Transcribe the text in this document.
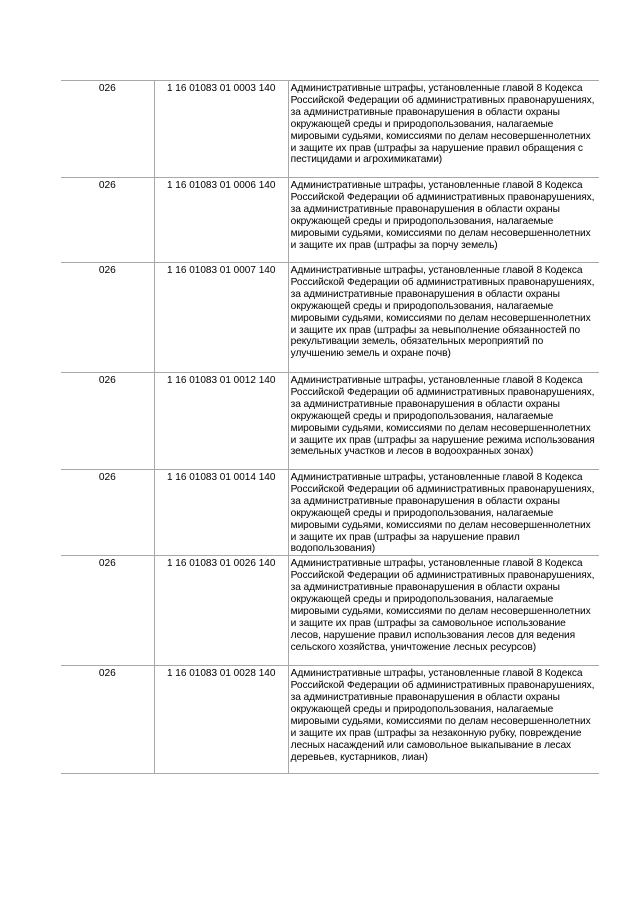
026	1 16 01083 01 0003 140	Административные штрафы, установленные главой 8 Кодекса Российской Федерации об административных правонарушениях, за административные правонарушения в области охраны окружающей среды и природопользования, налагаемые мировыми судьями, комиссиями по делам несовершеннолетних и защите их прав (штрафы за нарушение правил обращения с пестицидами и агрохимикатами)
026	1 16 01083 01 0006 140	Административные штрафы, установленные главой 8 Кодекса Российской Федерации об административных правонарушениях, за административные правонарушения в области охраны окружающей среды и природопользования, налагаемые мировыми судьями, комиссиями по делам несовершеннолетних и защите их прав (штрафы за порчу земель)
026	1 16 01083 01 0007 140	Административные штрафы, установленные главой 8 Кодекса Российской Федерации об административных правонарушениях, за административные правонарушения в области охраны окружающей среды и природопользования, налагаемые мировыми судьями, комиссиями по делам несовершеннолетних и защите их прав (штрафы за невыполнение обязанностей по рекультивации земель, обязательных мероприятий по улучшению земель и охране почв)
026	1 16 01083 01 0012 140	Административные штрафы, установленные главой 8 Кодекса Российской Федерации об административных правонарушениях, за административные правонарушения в области охраны окружающей среды и природопользования, налагаемые мировыми судьями, комиссиями по делам несовершеннолетних и защите их прав (штрафы за нарушение режима использования земельных участков и лесов в водоохранных зонах)
026	1 16 01083 01 0014 140	Административные штрафы, установленные главой 8 Кодекса Российской Федерации об административных правонарушениях, за административные правонарушения в области охраны окружающей среды и природопользования, налагаемые мировыми судьями, комиссиями по делам несовершеннолетних и защите их прав (штрафы за нарушение правил водопользования)
026	1 16 01083 01 0026 140	Административные штрафы, установленные главой 8 Кодекса Российской Федерации об административных правонарушениях, за административные правонарушения в области охраны окружающей среды и природопользования, налагаемые мировыми судьями, комиссиями по делам несовершеннолетних и защите их прав (штрафы за самовольное использование лесов, нарушение правил использования лесов для ведения сельского хозяйства, уничтожение лесных ресурсов)
026	1 16 01083 01 0028 140	Административные штрафы, установленные главой 8 Кодекса Российской Федерации об административных правонарушениях, за административные правонарушения в области охраны окружающей среды и природопользования, налагаемые мировыми судьями, комиссиями по делам несовершеннолетних и защите их прав (штрафы за незаконную рубку, повреждение лесных насаждений или самовольное выкапывание в лесах деревьев, кустарников, лиан)
